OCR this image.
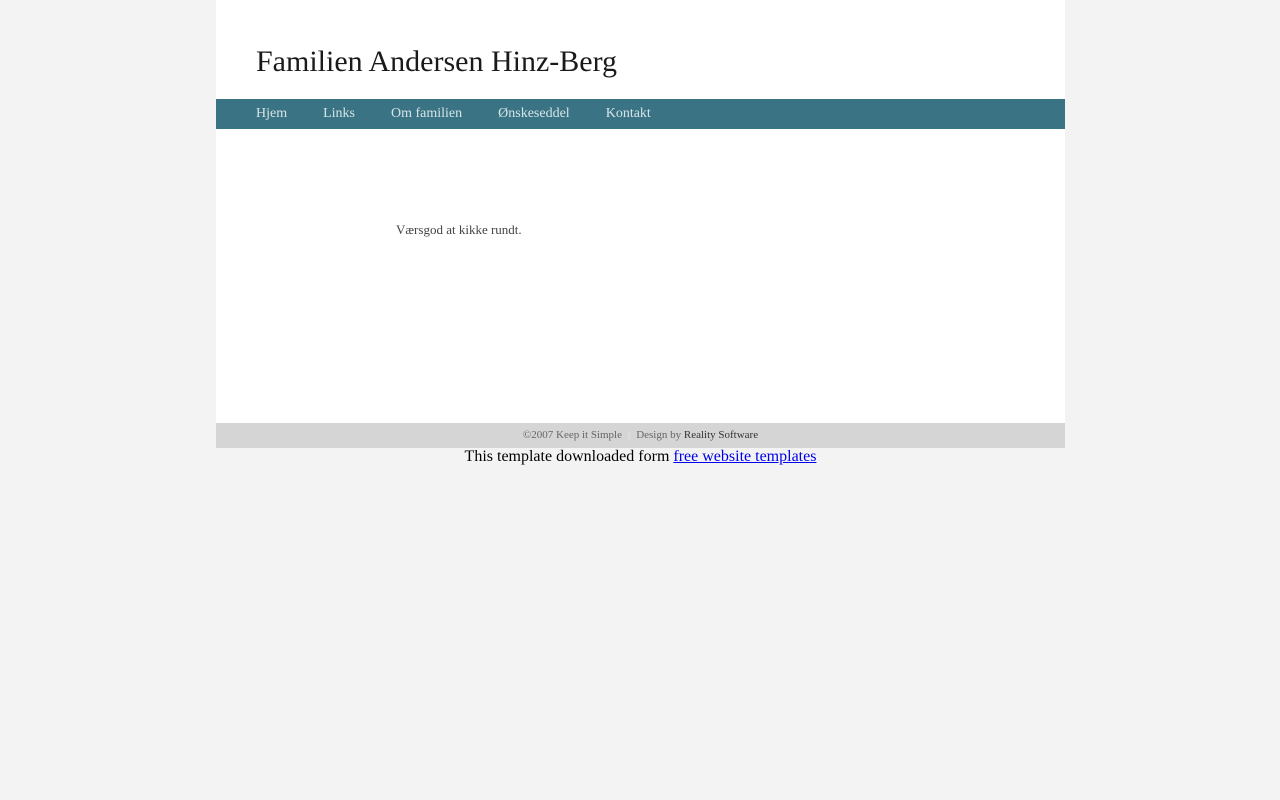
Familien Andersen Hinz-Berg
Hjem	Links	Om familien	Ønskeseddel	Kontakt

Værsgod at kikke rundt.

©2007 Keep it Simple | Design by Reality Software
This template downloaded form free website templates
